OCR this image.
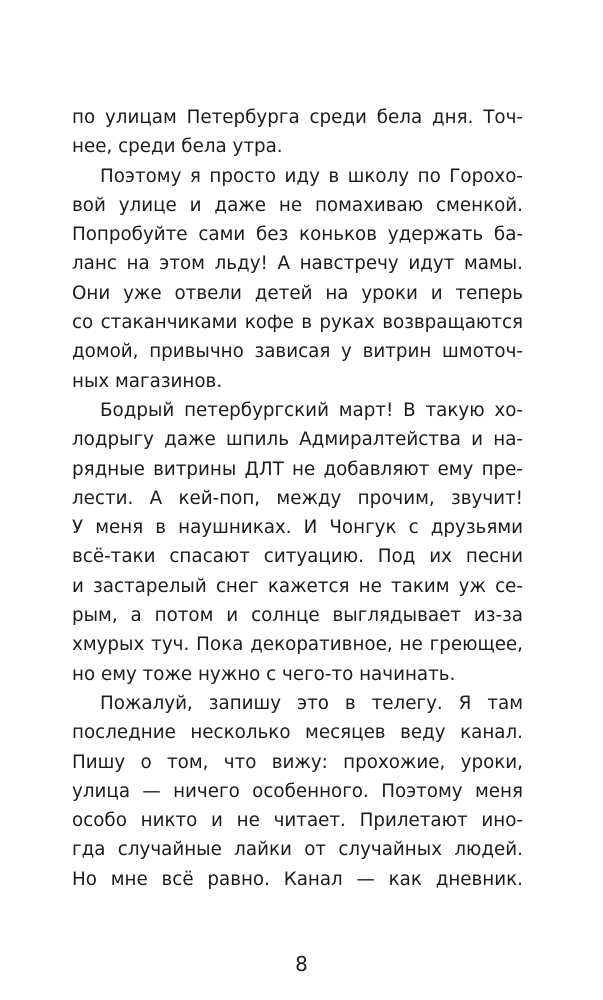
по улицам Петербурга среди бела дня. Точ-
нее, среди бела утра.
Поэтому я просто иду в школу по Горохо-
вой улице и даже не помахиваю сменкой.
Попробуйте сами без коньков удержать ба-
ланс на этом льду! А навстречу идут мамы.
Они уже отвели детей на уроки и теперь
со стаканчиками кофе в руках возвращаются
домой, привычно зависая у витрин шмоточ-
ных магазинов.
Бодрый петербургский март! В такую хо-
лодрыгу даже шпиль Адмиралтейства и на-
рядные витрины ДЛТ не добавляют ему пре-
лести. А кей-поп, между прочим, звучит!
У меня в наушниках. И Чонгук с друзьями
всё-таки спасают ситуацию. Под их песни
и застарелый снег кажется не таким уж се-
рым, а потом и солнце выглядывает из-за
хмурых туч. Пока декоративное, не греющее,
но ему тоже нужно с чего-то начинать.
Пожалуй, запишу это в телегу. Я там
последние несколько месяцев веду канал.
Пишу о том, что вижу: прохожие, уроки,
улица — ничего особенного. Поэтому меня
особо никто и не читает. Прилетают ино-
гда случайные лайки от случайных людей.
Но мне всё равно. Канал — как дневник.
8
